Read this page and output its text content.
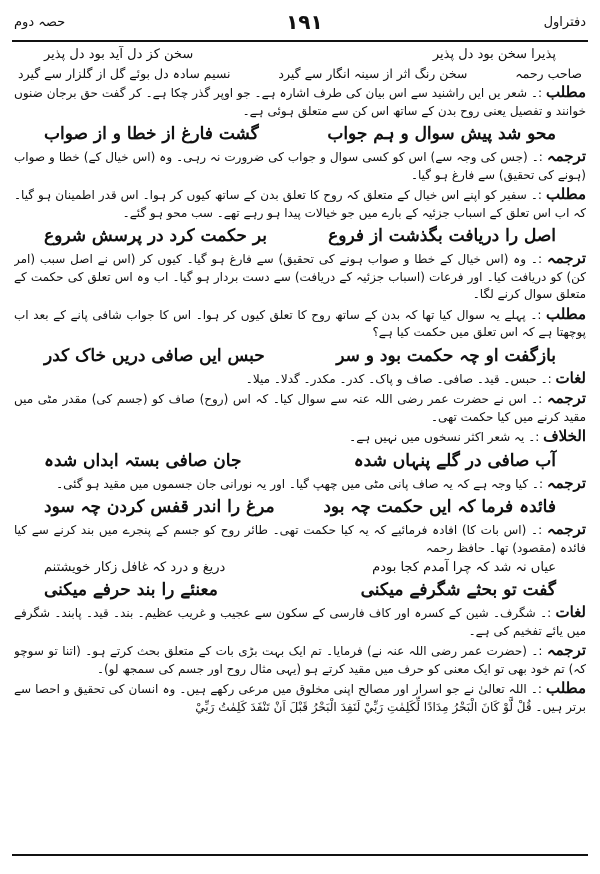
دفتراول
۱۹۱
حصہ دوم
پذیرا سخن بود دل پذیر
سخن کز دل آید بود دل پذیر
صاحب رحمہ
سخن رنگ اثر از سینہ انگار سے گیرد
نسیم سادہ دل بوئے گل از گلزار سے گیرد
مطلب :۔ شعر یں ایں راشنید سے اس بیان کی طرف اشارہ ہے۔ جو اوپر گذر چکا ہے۔ کر گفت حق برجان ضنوں خوانند و تفصیل یعنی روح بدن کے ساتھ اس کن سے متعلق ہوئی ہے۔
محو شد پیش سوال و ہم جواب
گشت فارغ از خطا و از صواب
ترجمہ :۔ (جس کی وجہ سے) اس کو کسی سوال و جواب کی ضرورت نہ رہی۔ وہ (اس خیال کے) خطا و صواب (ہونے کی تحقیق) سے فارغ ہو گیا۔
مطلب :۔ سفیر کو اپنے اس خیال کے متعلق کہ روح کا تعلق بدن کے ساتھ کیوں کر ہوا۔ اس قدر اطمینان ہو گیا۔ کہ اب اس تعلق کے اسباب جزئیہ کے بارے میں جو خیالات پیدا ہو رہے تھے۔ سب محو ہو گئے۔
اصل را دریافت بگذشت از فروع
بر حکمت کرد در پرسش شروع
ترجمہ :۔ وہ (اس خیال کے خطا و صواب ہونے کی تحقیق) سے فارغ ہو گیا۔ کیوں کر (اس نے اصل سبب (امر کن) کو دریافت کیا۔ اور فرعات (اسباب جزئیہ کے دریافت) سے دست بردار ہو گیا۔ اب وہ اس تعلق کی حکمت کے متعلق سوال کرنے لگا۔
مطلب :۔ پہلے یہ سوال کیا تھا کہ بدن کے ساتھ روح کا تعلق کیوں کر ہوا۔ اس کا جواب شافی پانے کے بعد اب پوچھتا ہے کہ اس تعلق میں حکمت کیا ہے؟
بازگفت او چہ حکمت بود و سر
حبس ایں صافی دریں خاک کدر
لغات :۔ حبس۔ قید۔ صافی۔ صاف و پاک۔ کدر۔ مکدر۔ گدلا۔ میلا۔
ترجمہ :۔ اس نے حضرت عمر رضی اللہ عنہ سے سوال کیا۔ کہ اس (روح) صاف کو (جسم کی) مقدر مٹی میں مقید کرنے میں کیا حکمت تھی۔
الخلاف :۔ یہ شعر اکثر نسخوں میں نہیں ہے۔
آب صافی در گلے پنہاں شدہ
جان صافی بستہ ابداں شدہ
ترجمہ :۔ کیا وجہ ہے کہ یہ صاف پانی مٹی میں چھپ گیا۔ اور یہ نورانی جان جسموں میں مقید ہو گئی۔
فائدہ فرما کہ ایں حکمت چہ بود
مرغ را اندر قفس کردن چہ سود
ترجمہ :۔ (اس بات کا) افادہ فرمائیے کہ یہ کیا حکمت تھی۔ طائر روح کو جسم کے پنجرے میں بند کرنے سے کیا فائدہ (مقصود) تھا۔ حافظ رحمہ
عیاں نہ شد کہ چرا آمدم کجا بودم
دریغ و درد کہ غافل زکار خویشتنم
گفت تو بحثے شگرفے میکنی
معنئے را بند حرفے میکنی
لغات :۔ شگرف۔ شین کے کسرہ اور کاف فارسی کے سکون سے عجیب و غریب عظیم۔ بند۔ قید۔ پابند۔ شگرفے میں یائے تفخیم کی ہے۔
ترجمہ :۔ (حضرت عمر رضی اللہ عنہ نے) فرمایا۔ تم ایک بہت بڑی بات کے متعلق بحث کرتے ہو۔ (اتنا تو سوچو کہ) تم خود بھی تو ایک معنی کو حرف میں مقید کرتے ہو (یہی مثال روح اور جسم کی سمجھ لو)۔
مطلب :۔ اللہ تعالیٰ نے جو اسرار اور مصالح اپنی مخلوق میں مرعی رکھے ہیں۔ وہ انسان کی تحقیق و احصا سے برتر ہیں۔ قُلْ لَّوْ كَانَ الْبَحْرُ مِدَادًا لِّكَلِمٰتِ رَبِّيْ لَنَفِدَ الْبَحْرُ قَبْلَ اَنْ تَنْفَدَ كَلِمٰتُ رَبِّيْ
